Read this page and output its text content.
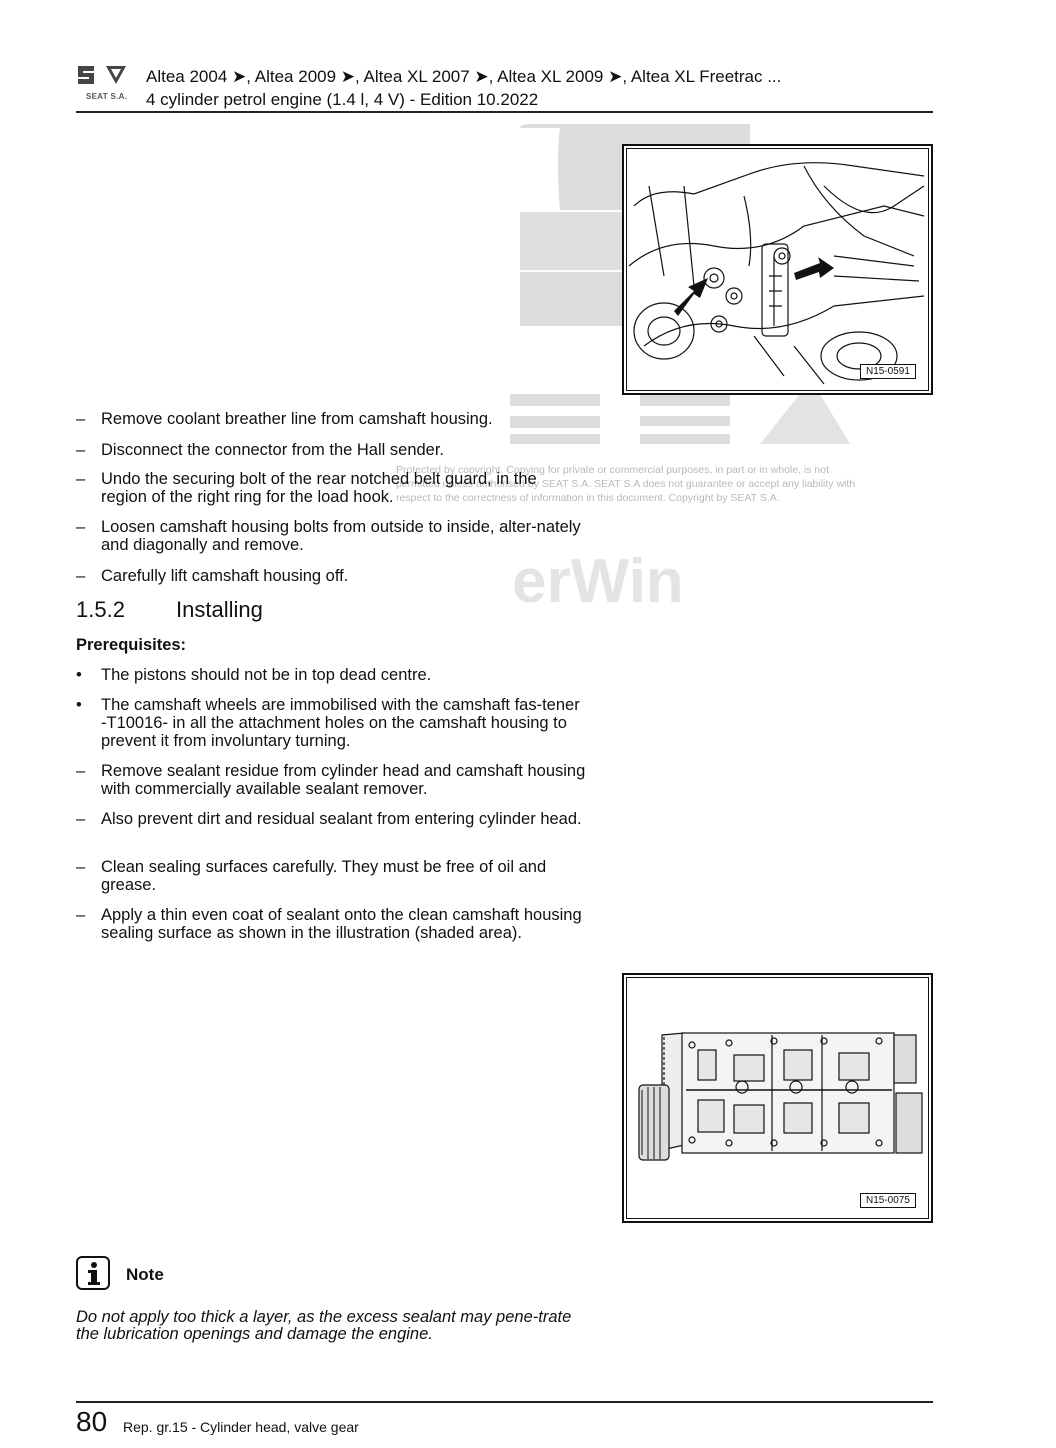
erWin
Protected by copyright. Copying for private or commercial purposes, in part or in whole, is not
permitted unless authorised by SEAT S.A. SEAT S.A does not guarantee or accept any liability with
respect to the correctness of information in this document. Copyright by SEAT S.A.
SEAT S.A.
Altea 2004 ➤, Altea 2009 ➤, Altea XL 2007 ➤, Altea XL 2009 ➤, Altea XL Freetrac ...
4 cylinder petrol engine (1.4 l, 4 V) - Edition 10.2022
N15-0591
– Remove coolant breather line from camshaft housing.
– Disconnect the connector from the Hall sender.
– Undo the securing bolt of the rear notched belt guard, in the region of the right ring for the load hook.
– Loosen camshaft housing bolts from outside to inside, alter-nately and diagonally and remove.
– Carefully lift camshaft housing off.
1.5.2 Installing
Prerequisites:
•	The pistons should not be in top dead centre.
•	The camshaft wheels are immobilised with the camshaft fas-tener -T10016- in all the attachment holes on the camshaft housing to prevent it from involuntary turning.
– Remove sealant residue from cylinder head and camshaft housing with commercially available sealant remover.
– Also prevent dirt and residual sealant from entering cylinder head.
– Clean sealing surfaces carefully. They must be free of oil and grease.
– Apply a thin even coat of sealant onto the clean camshaft housing sealing surface as shown in the illustration (shaded area).
N15-0075
Note
Do not apply too thick a layer, as the excess sealant may pene-trate the lubrication openings and damage the engine.
80 Rep. gr.15 - Cylinder head, valve gear
